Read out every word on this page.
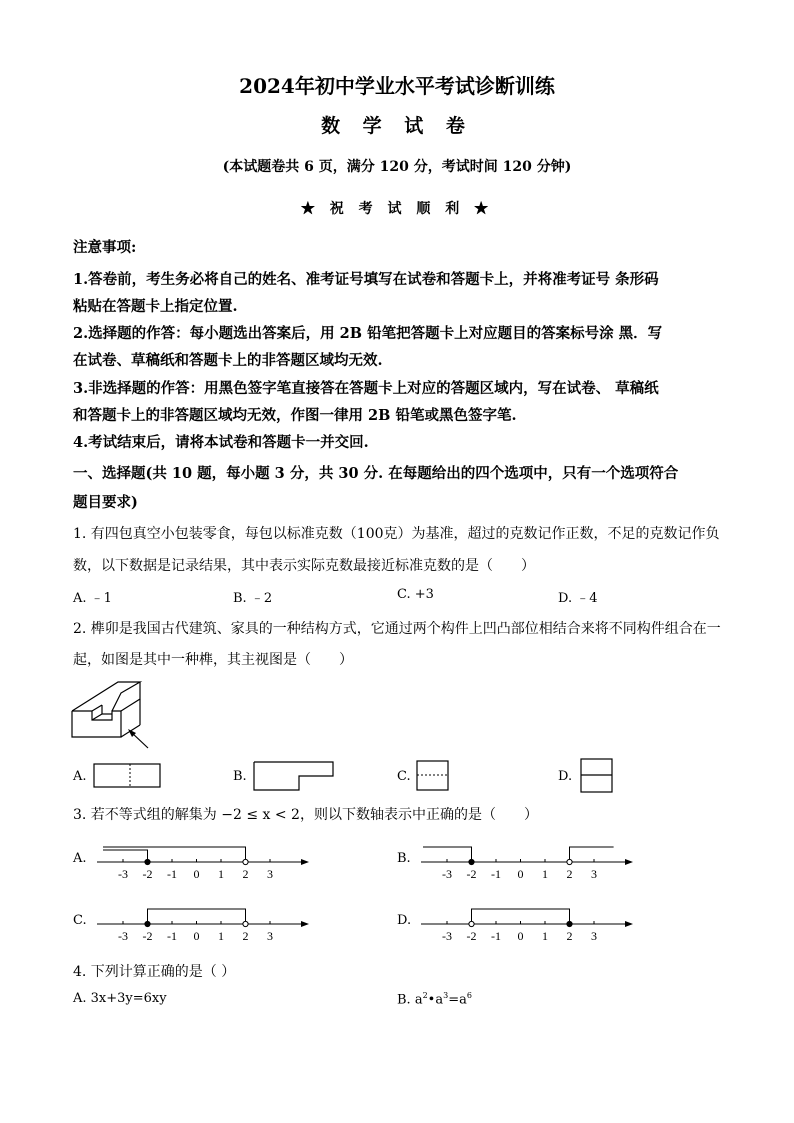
2024年初中学业水平考试诊断训练
数 学 试 卷
(本试题卷共 6 页，满分 120 分，考试时间 120 分钟)
★ 祝 考 试 顺 利 ★
注意事项:
1.答卷前，考生务必将自己的姓名、准考证号填写在试卷和答题卡上，并将准考证号 条形码
粘贴在答题卡上指定位置.
2.选择题的作答：每小题选出答案后，用 2B 铅笔把答题卡上对应题目的答案标号涂 黑．写
在试卷、草稿纸和答题卡上的非答题区域均无效.
3.非选择题的作答：用黑色签字笔直接答在答题卡上对应的答题区域内，写在试卷、 草稿纸
和答题卡上的非答题区域均无效，作图一律用 2B 铅笔或黑色签字笔.
4.考试结束后，请将本试卷和答题卡一并交回.
一、选择题(共 10 题，每小题 3 分，共 30 分. 在每题给出的四个选项中，只有一个选项符合
题目要求)
1. 有四包真空小包装零食，每包以标准克数（100克）为基准，超过的克数记作正数，不足的克数记作负
数，以下数据是记录结果，其中表示实际克数最接近标准克数的是（　　）
A. ﹣1	B. ﹣2	C. +3	D. ﹣4
2. 榫卯是我国古代建筑、家具的一种结构方式，它通过两个构件上凹凸部位相结合来将不同构件组合在一
起，如图是其中一种榫，其主视图是（　　）
A.	B.	C.	D.
3. 若不等式组的解集为 −2 ≤ x < 2，则以下数轴表示中正确的是（　　）
A.
-3 -2 -1 0 1 2 3
B.
-3 -2 -1 0 1 2 3
C.
-3 -2 -1 0 1 2 3
D.
-3 -2 -1 0 1 2 3
4. 下列计算正确的是（ ）
A. 3x+3y=6xy	B. $a^2•a^3=a^6$
